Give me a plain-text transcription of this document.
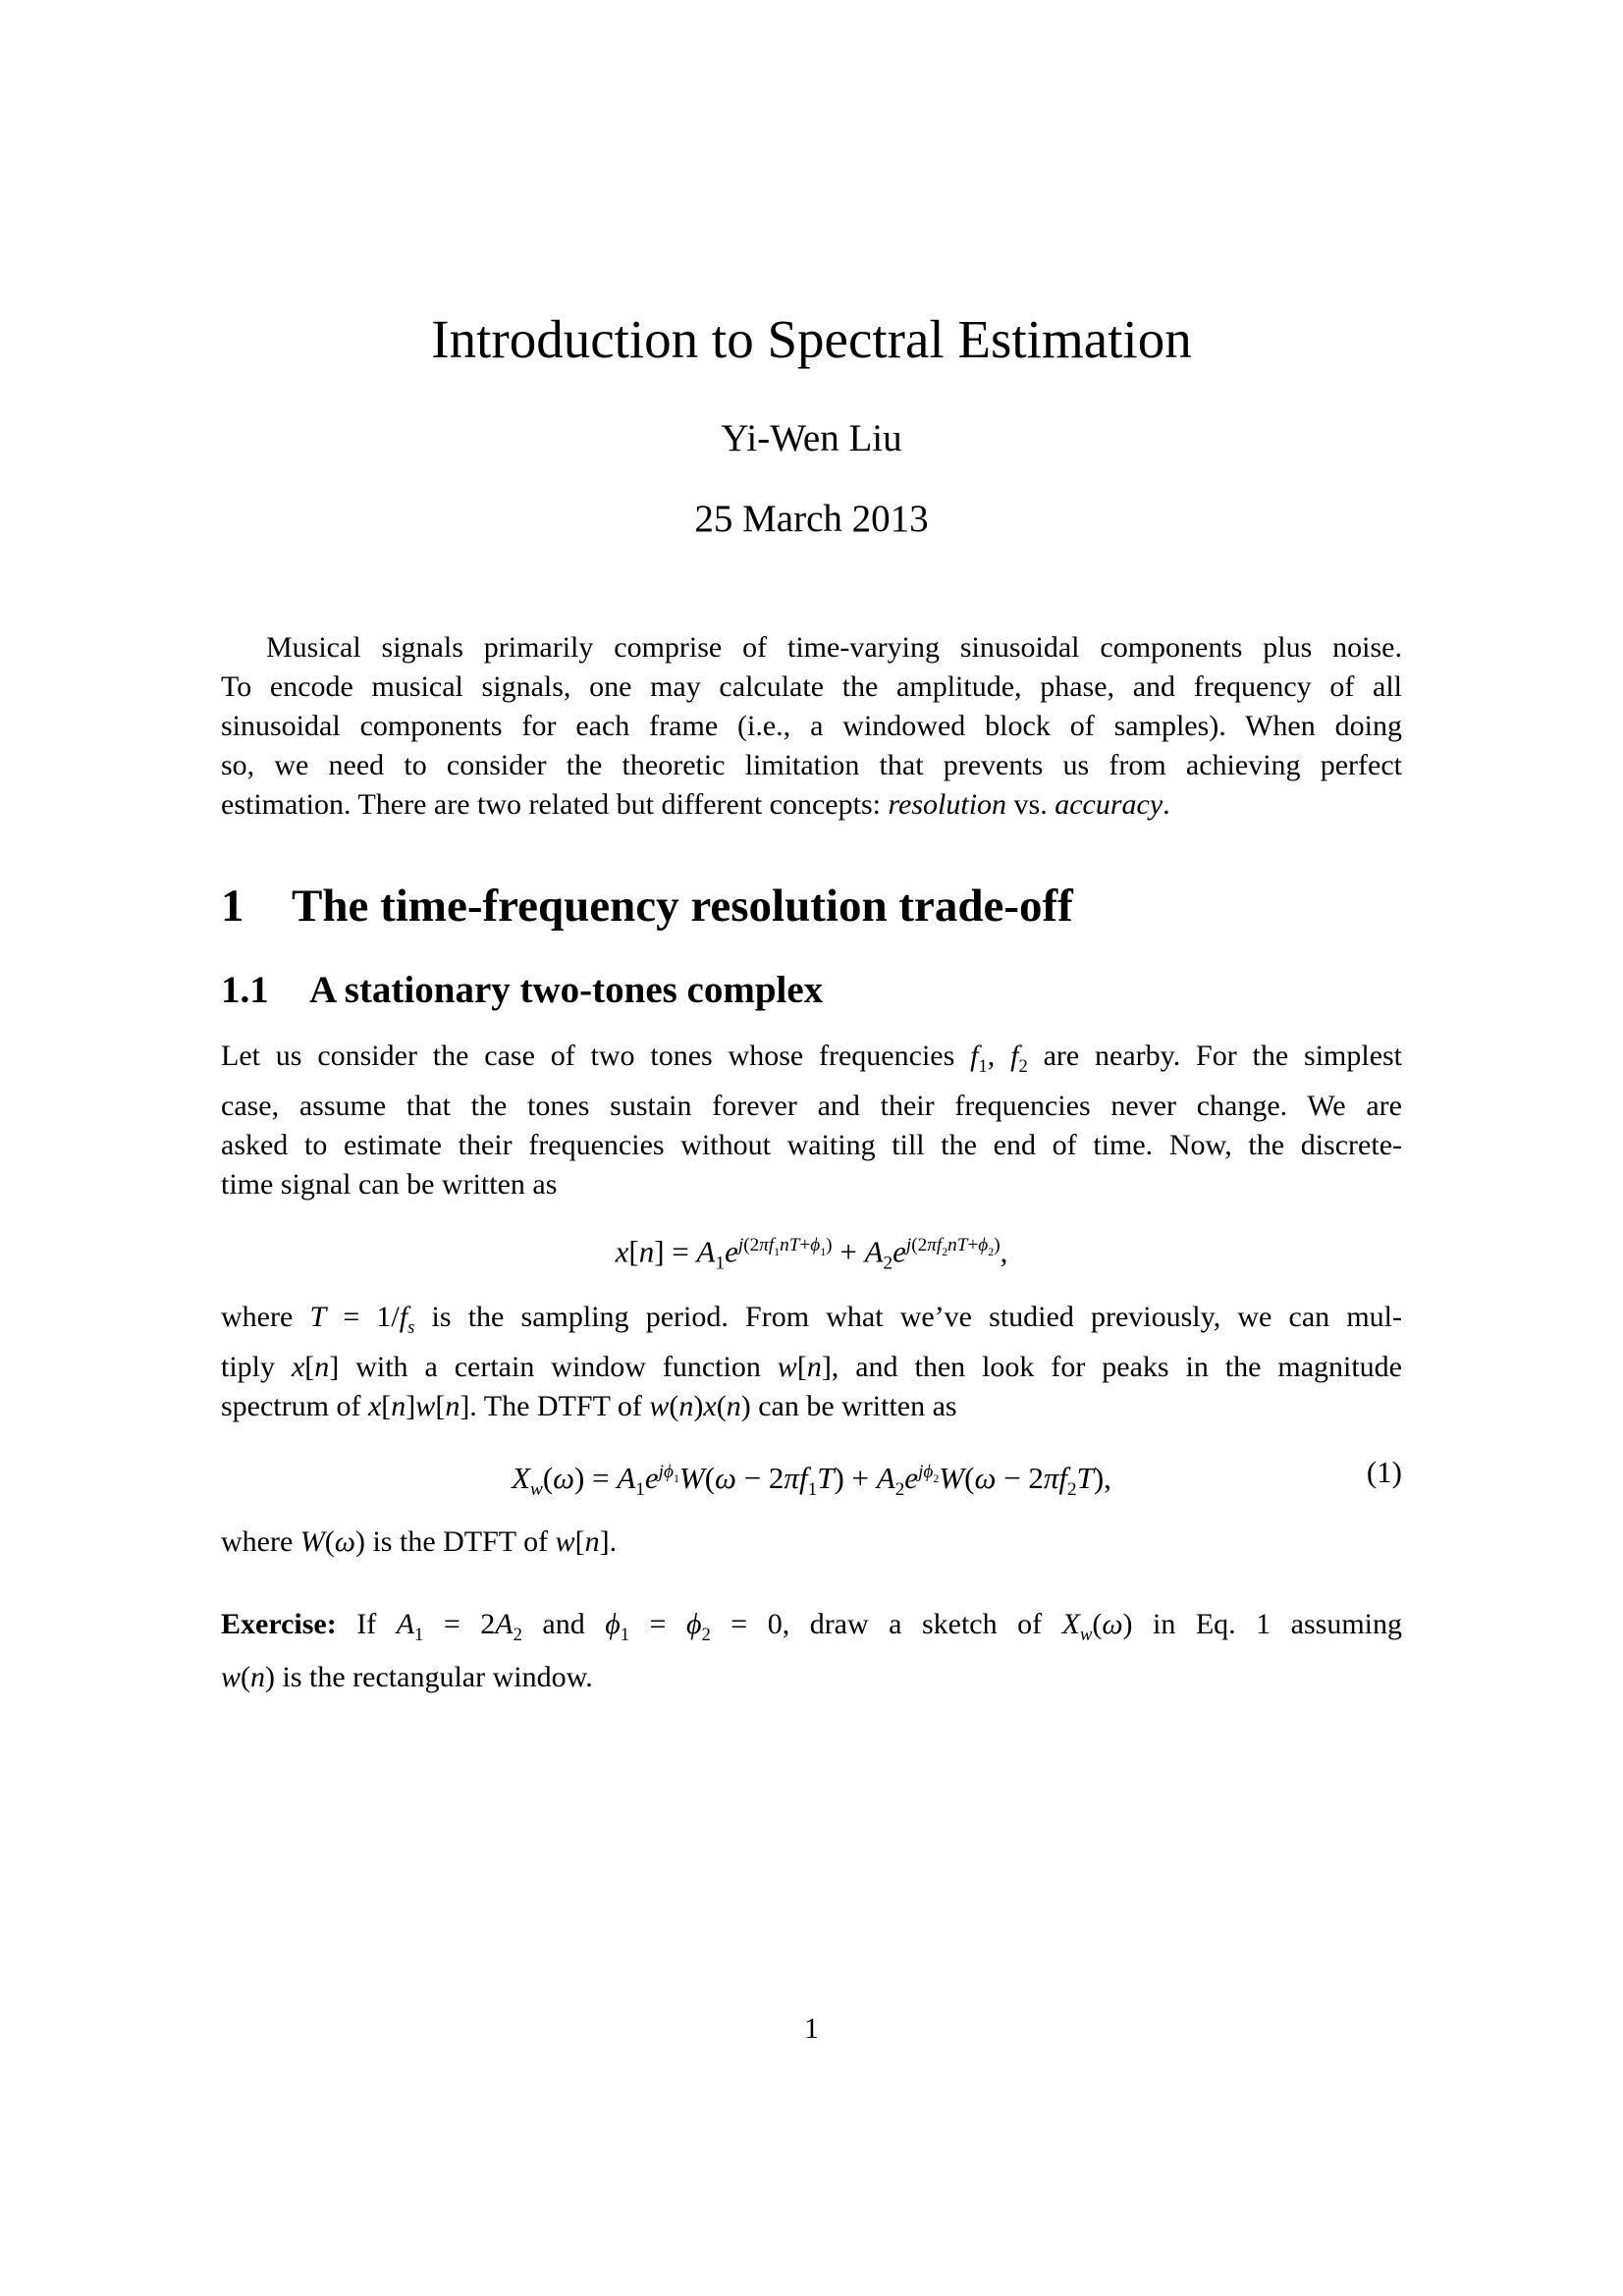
Introduction to Spectral Estimation
Yi-Wen Liu
25 March 2013
Musical signals primarily comprise of time-varying sinusoidal components plus noise.
To encode musical signals, one may calculate the amplitude, phase, and frequency of all
sinusoidal components for each frame (i.e., a windowed block of samples). When doing
so, we need to consider the theoretic limitation that prevents us from achieving perfect
estimation. There are two related but different concepts: resolution vs. accuracy.
1	The time-frequency resolution trade-off
1.1	A stationary two-tones complex
Let us consider the case of two tones whose frequencies $f_1$, $f_2$ are nearby. For the simplest
case, assume that the tones sustain forever and their frequencies never change. We are
asked to estimate their frequencies without waiting till the end of time. Now, the discrete-
time signal can be written as
$x[n] = A_1e^{j(2\pi f_1nT+\phi_1)} + A_2e^{j(2\pi f_2nT+\phi_2)}$,
where $T = 1/f_s$ is the sampling period. From what we’ve studied previously, we can mul-
tiply x[n] with a certain window function w[n], and then look for peaks in the magnitude
spectrum of x[n]w[n]. The DTFT of w(n)x(n) can be written as
$X_w(\omega) = A_1e^{j\phi_1}W(\omega - 2\pi f_1T) + A_2e^{j\phi_2}W(\omega - 2\pi f_2T)$,	(1)
where W(ω) is the DTFT of w[n].
Exercise: If $A_1 = 2A_2$ and $\phi_1 = \phi_2 = 0$, draw a sketch of $X_w(\omega)$ in Eq. 1 assuming
w(n) is the rectangular window.
1
